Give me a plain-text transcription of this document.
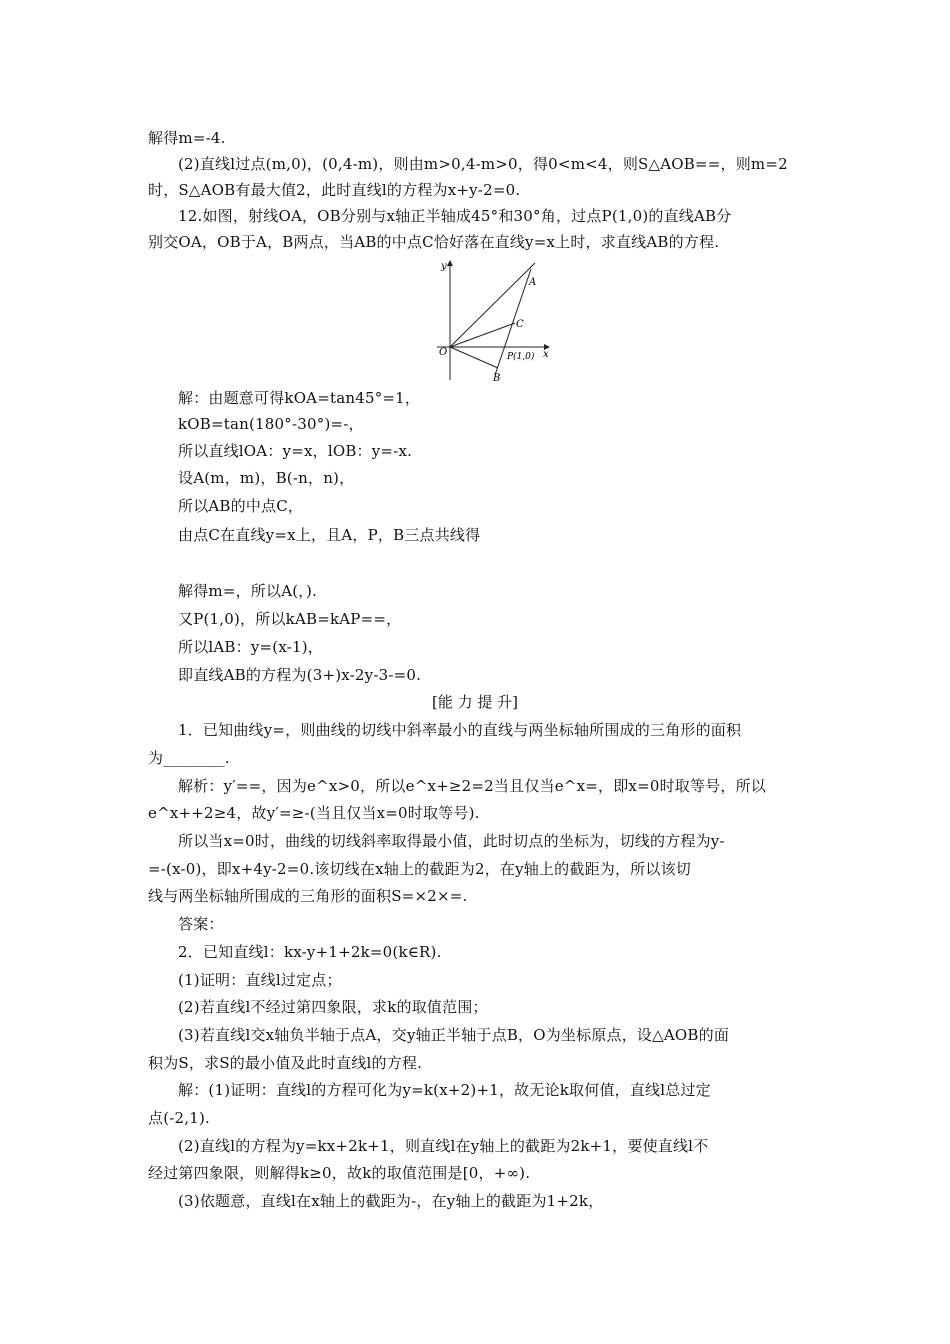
解得m=-4.
(2)直线l过点(m,0)，(0,4-m)，则由m>0,4-m>0，得0<m<4，则S△AOB==，则m=2
时，S△AOB有最大值2，此时直线l的方程为x+y-2=0.
12.如图，射线OA，OB分别与x轴正半轴成45°和30°角，过点P(1,0)的直线AB分
别交OA，OB于A，B两点，当AB的中点C恰好落在直线y=x上时，求直线AB的方程.
y
x
O
A
C
P(1,0)
B
解：由题意可得kOA=tan45°=1，
kOB=tan(180°-30°)=-，
所以直线lOA：y=x，lOB：y=-x.
设A(m，m)，B(-n，n)，
所以AB的中点C，
由点C在直线y=x上，且A，P，B三点共线得
解得m=，所以A(，).
又P(1,0)，所以kAB=kAP==，
所以lAB：y=(x-1)，
即直线AB的方程为(3+)x-2y-3-=0.
[能 力 提 升]
1．已知曲线y=，则曲线的切线中斜率最小的直线与两坐标轴所围成的三角形的面积
为________.
解析：y′==，因为e^x>0，所以e^x+≥2=2当且仅当e^x=，即x=0时取等号，所以
e^x++2≥4，故y′=≥-(当且仅当x=0时取等号).
所以当x=0时，曲线的切线斜率取得最小值，此时切点的坐标为，切线的方程为y-
=-(x-0)，即x+4y-2=0.该切线在x轴上的截距为2，在y轴上的截距为，所以该切
线与两坐标轴所围成的三角形的面积S=×2×=.
答案：
2．已知直线l：kx-y+1+2k=0(k∈R).
(1)证明：直线l过定点；
(2)若直线l不经过第四象限，求k的取值范围；
(3)若直线l交x轴负半轴于点A，交y轴正半轴于点B，O为坐标原点，设△AOB的面
积为S，求S的最小值及此时直线l的方程.
解：(1)证明：直线l的方程可化为y=k(x+2)+1，故无论k取何值，直线l总过定
点(-2,1).
(2)直线l的方程为y=kx+2k+1，则直线l在y轴上的截距为2k+1，要使直线l不
经过第四象限，则解得k≥0，故k的取值范围是[0，+∞).
(3)依题意，直线l在x轴上的截距为-，在y轴上的截距为1+2k，
